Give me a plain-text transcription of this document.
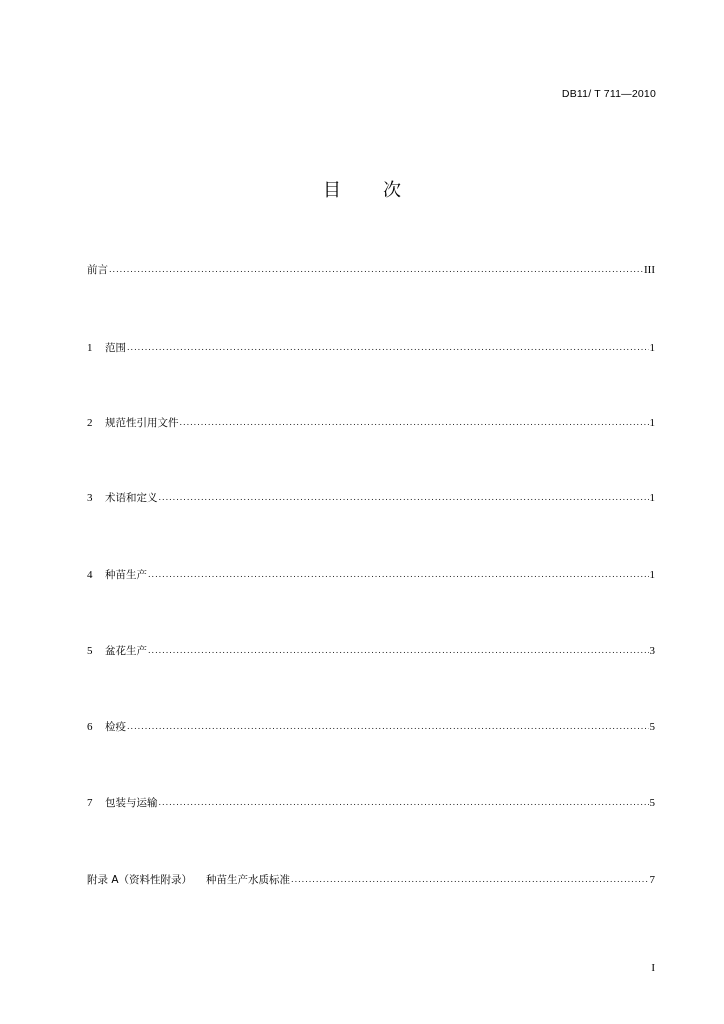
DB11/ T 711—2010
目次
前言 .....	III
1	范围 .....	1
2	规范性引用文件 .....	1
3	术语和定义 .....	1
4	种苗生产 .....	1
5	盆花生产 .....	3
6	检疫 .....	5
7	包装与运输 .....	5
附录 A（资料性附录） 种苗生产水质标准 .....	7
I
